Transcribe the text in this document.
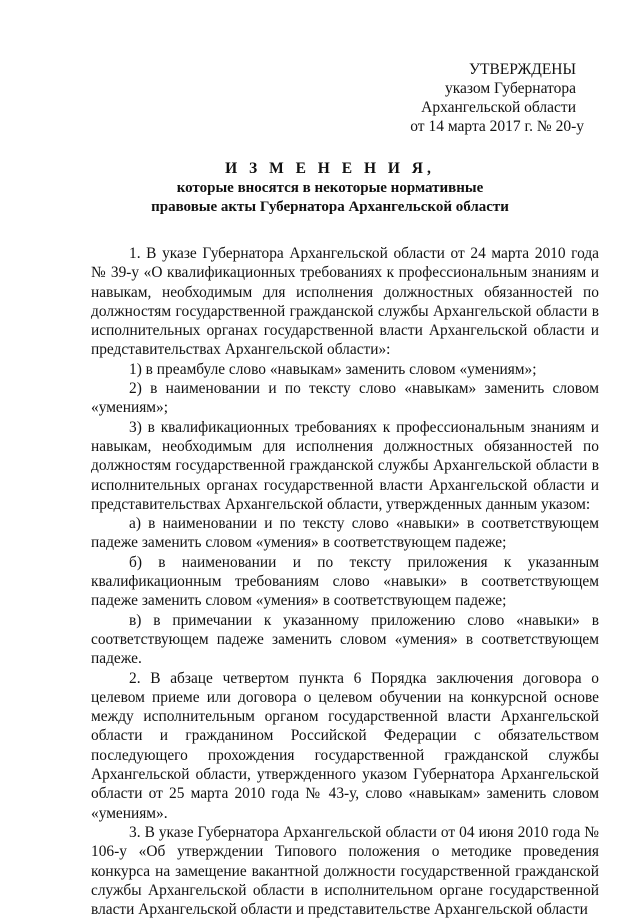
УТВЕРЖДЕНЫ
указом Губернатора
Архангельской области
от 14 марта 2017 г. № 20-у
И З М Е Н Е Н И Я,
которые вносятся в некоторые нормативные
правовые акты Губернатора Архангельской области

1. В указе Губернатора Архангельской области от 24 марта 2010 года № 39-у «О квалификационных требованиях к профессиональным знаниям и навыкам, необходимым для исполнения должностных обязанностей по должностям государственной гражданской службы Архангельской области в исполнительных органах государственной власти Архангельской области и представительствах Архангельской области»:

1) в преамбуле слово «навыкам» заменить словом «умениям»;

2) в наименовании и по тексту слово «навыкам» заменить словом «умениям»;

3) в квалификационных требованиях к профессиональным знаниям и навыкам, необходимым для исполнения должностных обязанностей по должностям государственной гражданской службы Архангельской области в исполнительных органах государственной власти Архангельской области и представительствах Архангельской области, утвержденных данным указом:

а) в наименовании и по тексту слово «навыки» в соответствующем падеже заменить словом «умения» в соответствующем падеже;

б) в наименовании и по тексту приложения к указанным квалификационным требованиям слово «навыки» в соответствующем падеже заменить словом «умения» в соответствующем падеже;

в) в примечании к указанному приложению слово «навыки» в соответствующем падеже заменить словом «умения» в соответствующем падеже.

2. В абзаце четвертом пункта 6 Порядка заключения договора о целевом приеме или договора о целевом обучении на конкурсной основе между исполнительным органом государственной власти Архангельской области и гражданином Российской Федерации с обязательством последующего прохождения государственной гражданской службы Архангельской области, утвержденного указом Губернатора Архангельской области от 25 марта 2010 года № 43-у, слово «навыкам» заменить словом «умениям».

3. В указе Губернатора Архангельской области от 04 июня 2010 года № 106-у «Об утверждении Типового положения о методике проведения конкурса на замещение вакантной должности государственной гражданской службы Архангельской области в исполнительном органе государственной власти Архангельской области и представительстве Архангельской области
